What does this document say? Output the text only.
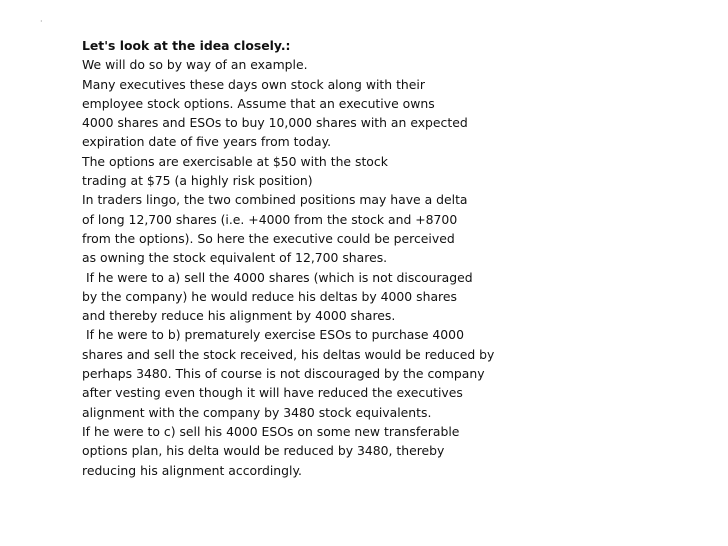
·
Let's look at the idea closely.:
We will do so by way of an example.
Many executives these days own stock along with their
employee stock options. Assume that an executive owns
4000 shares and ESOs to buy 10,000 shares with an expected
expiration date of five years from today.
The options are exercisable at $50 with the stock
trading at $75 (a highly risk position)
In traders lingo, the two combined positions may have a delta
of long 12,700 shares (i.e. +4000 from the stock and +8700
from the options). So here the executive could be perceived
as owning the stock equivalent of 12,700 shares.
If he were to a) sell the 4000 shares (which is not discouraged
by the company) he would reduce his deltas by 4000 shares
and thereby reduce his alignment by 4000 shares.
If he were to b) prematurely exercise ESOs to purchase 4000
shares and sell the stock received, his deltas would be reduced by
perhaps 3480. This of course is not discouraged by the company
after vesting even though it will have reduced the executives
alignment with the company by 3480 stock equivalents.
If he were to c) sell his 4000 ESOs on some new transferable
options plan, his delta would be reduced by 3480, thereby
reducing his alignment accordingly.
